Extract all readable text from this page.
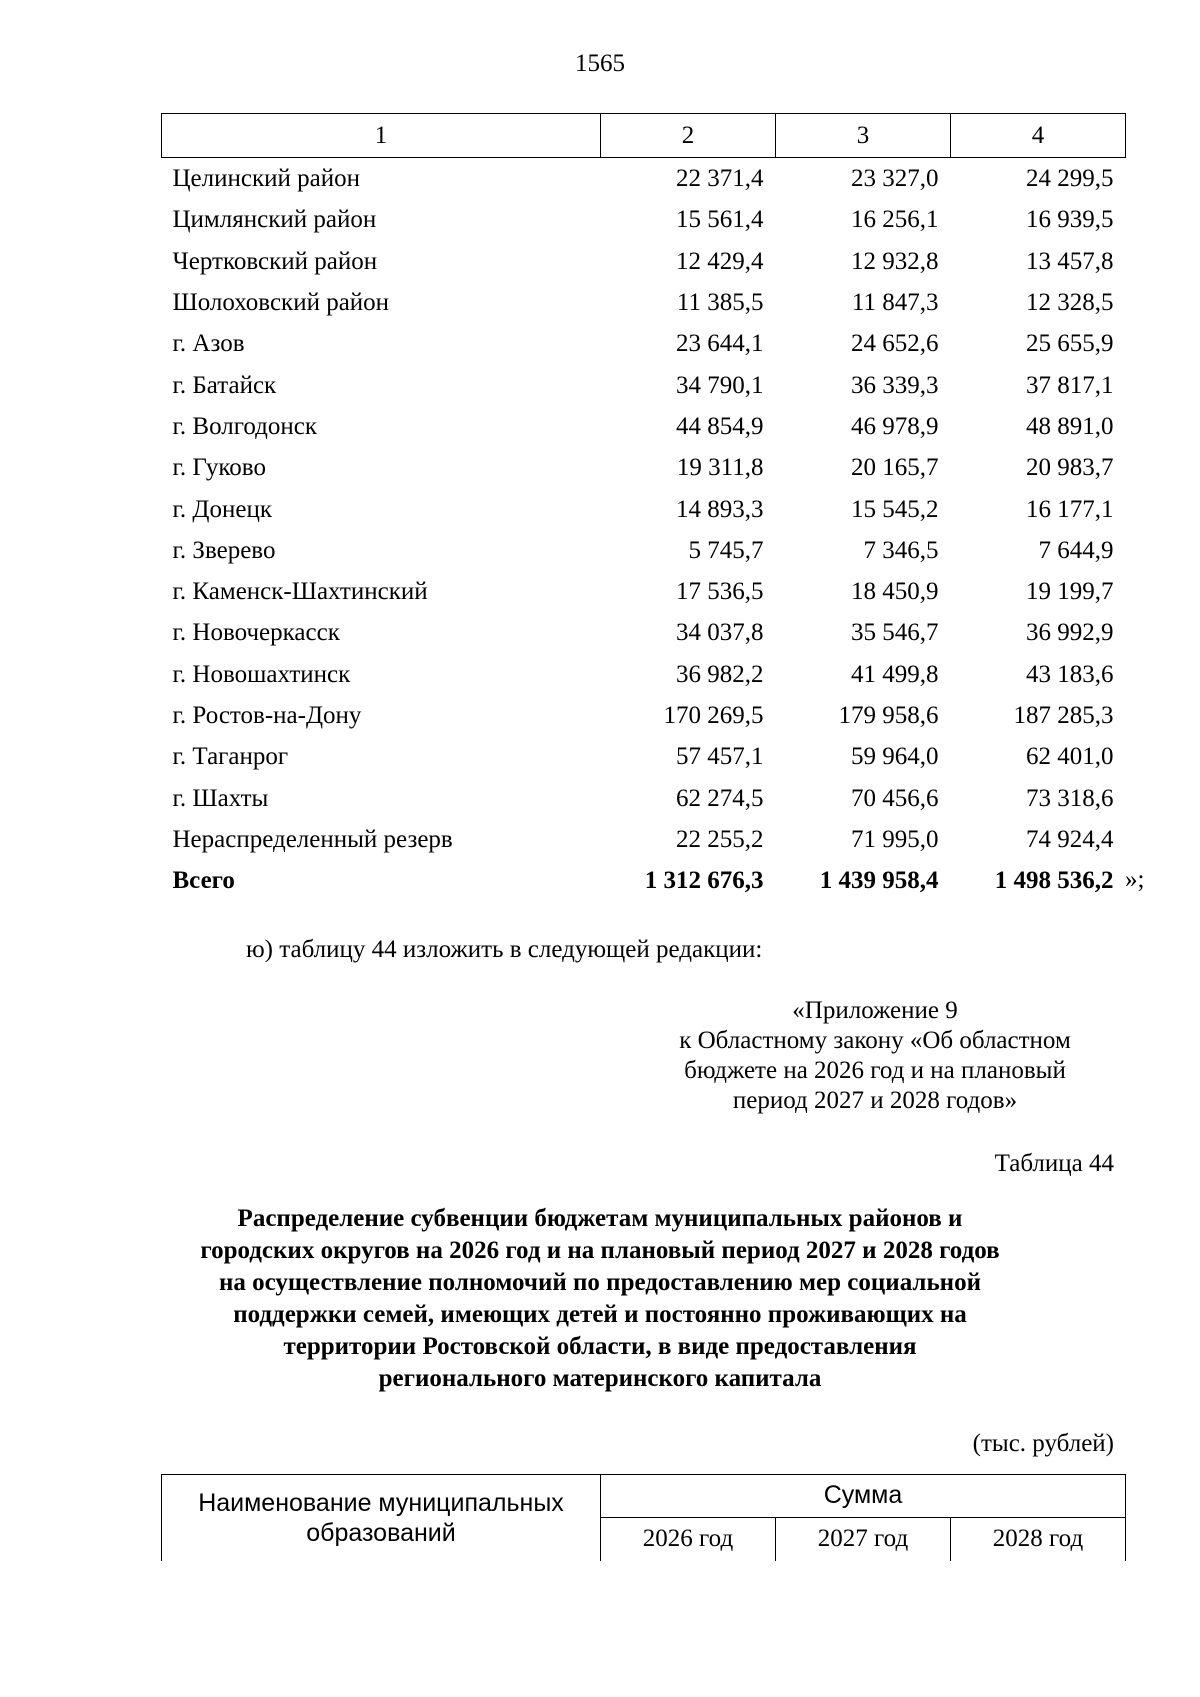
1565
1	2	3	4
Целинский район	22 371,4	23 327,0	24 299,5
Цимлянский район	15 561,4	16 256,1	16 939,5
Чертковский район	12 429,4	12 932,8	13 457,8
Шолоховский район	11 385,5	11 847,3	12 328,5
г. Азов	23 644,1	24 652,6	25 655,9
г. Батайск	34 790,1	36 339,3	37 817,1
г. Волгодонск	44 854,9	46 978,9	48 891,0
г. Гуково	19 311,8	20 165,7	20 983,7
г. Донецк	14 893,3	15 545,2	16 177,1
г. Зверево	5 745,7	7 346,5	7 644,9
г. Каменск-Шахтинский	17 536,5	18 450,9	19 199,7
г. Новочеркасск	34 037,8	35 546,7	36 992,9
г. Новошахтинск	36 982,2	41 499,8	43 183,6
г. Ростов-на-Дону	170 269,5	179 958,6	187 285,3
г. Таганрог	57 457,1	59 964,0	62 401,0
г. Шахты	62 274,5	70 456,6	73 318,6
Нераспределенный резерв	22 255,2	71 995,0	74 924,4
Всего	1 312 676,3	1 439 958,4	1 498 536,2 »;
ю) таблицу 44 изложить в следующей редакции:
«Приложение 9
к Областному закону «Об областном
бюджете на 2026 год и на плановый
период 2027 и 2028 годов»
Таблица 44
Распределение субвенции бюджетам муниципальных районов и
городских округов на 2026 год и на плановый период 2027 и 2028 годов
на осуществление полномочий по предоставлению мер социальной
поддержки семей, имеющих детей и постоянно проживающих на
территории Ростовской области, в виде предоставления
регионального материнского капитала
(тыс. рублей)
Наименование муниципальных образований	Сумма		
	2026 год	2027 год	2028 год
